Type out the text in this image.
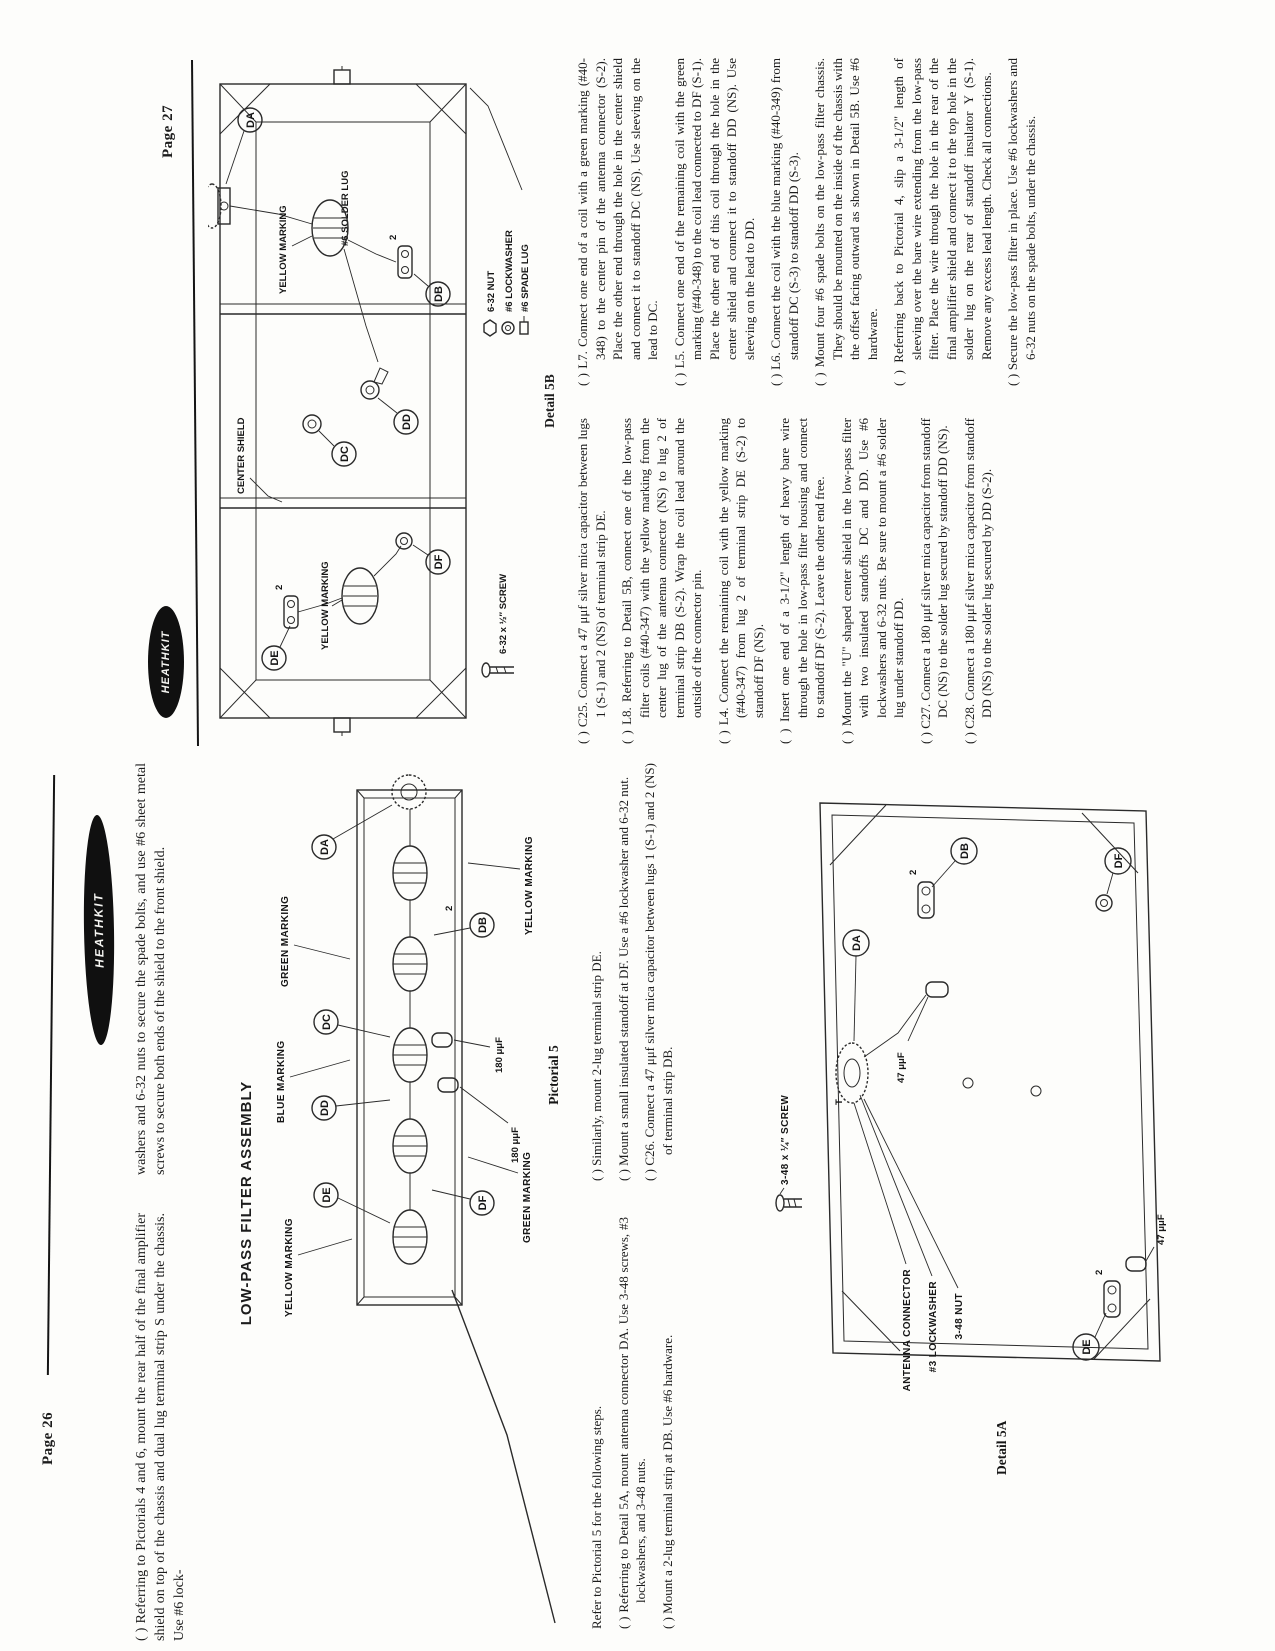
Page 26
HEATHKIT
( ) Referring to Pictorials 4 and 6, mount the rear half of the final amplifier shield on top of the chassis and dual lug terminal strip S under the chassis. Use #6 lock-
washers and 6-32 nuts to secure the spade bolts, and use #6 sheet metal screws to secure both ends of the shield to the front shield.
LOW-PASS FILTER ASSEMBLY	DE
DD
DC
DA
DF
DB
2
YELLOW MARKING
BLUE MARKING
GREEN MARKING
GREEN MARKING
YELLOW MARKING
180 μμF
180 μμF
Pictorial 5

Refer to Pictorial 5 for the following steps. ( ) Referring to Detail 5A, mount antenna connector DA. Use 3-48 screws, #3 lockwashers, and 3-48 nuts. ( ) Mount a 2-lug terminal strip at DB. Use #6 hardware.

( ) Similarly, mount 2-lug terminal strip DE. ( ) Mount a small insulated standoff at DF. Use a #6 lockwasher and 6-32 nut. ( ) C26. Connect a 47 μμf silver mica capacitor between lugs 1 (S-1) and 2 (NS) of terminal strip DB.

Detail 5A
T
3-48 NUT
#3 LOCKWASHER
ANTENNA CONNECTOR
3-48 x ¼″ SCREW
DA
2
DB
47 μμF
2
DE
47 μμF
DF
HEATHKIT
Page 27
DE
2
DF
YELLOW MARKING
CENTER SHIELD	DC
DD
#6 SOLDER LUG
DA
YELLOW MARKING	2
DB
6-32 x ½″ SCREW
6-32 NUT #6 LOCKWASHER #6 SPADE LUG
Detail 5B

( ) C25. Connect a 47 μμf silver mica capacitor between lugs 1 (S-1) and 2 (NS) of terminal strip DE. ( ) L8. Referring to Detail 5B, connect one of the low-pass filter coils (#40-347) with the yellow marking from the center lug of the antenna connector (NS) to lug 2 of terminal strip DB (S-2). Wrap the coil lead around the outside of the connector pin. ( ) L4. Connect the remaining coil with the yellow marking (#40-347) from lug 2 of terminal strip DE (S-2) to standoff DF (NS). ( ) Insert one end of a 3-1/2" length of heavy bare wire through the hole in low-pass filter housing and connect to standoff DF (S-2). Leave the other end free. ( ) Mount the "U" shaped center shield in the low-pass filter with two insulated standoffs DC and DD. Use #6 lockwashers and 6-32 nuts. Be sure to mount a #6 solder lug under standoff DD. ( ) C27. Connect a 180 μμf silver mica capacitor from standoff DC (NS) to the solder lug secured by standoff DD (NS). ( ) C28. Connect a 180 μμf silver mica capacitor from standoff DD (NS) to the solder lug secured by DD (S-2).

( ) L7. Connect one end of a coil with a green marking (#40-348) to the center pin of the antenna connector (S-2). Place the other end through the hole in the center shield and connect it to standoff DC (NS). Use sleeving on the lead to DC. ( ) L5. Connect one end of the remaining coil with the green marking (#40-348) to the coil lead connected to DF (S-1). Place the other end of this coil through the hole in the center shield and connect it to standoff DD (NS). Use sleeving on the lead to DD. ( ) L6. Connect the coil with the blue marking (#40-349) from standoff DC (S-3) to standoff DD (S-3). ( ) Mount four #6 spade bolts on the low-pass filter chassis. They should be mounted on the inside of the chassis with the offset facing outward as shown in Detail 5B. Use #6 hardware. ( ) Referring back to Pictorial 4, slip a 3-1/2" length of sleeving over the bare wire extending from the low-pass filter. Place the wire through the hole in the rear of the final amplifier shield and connect it to the top hole in the solder lug on the rear of standoff insulator Y (S-1). Remove any excess lead length. Check all connections. ( ) Secure the low-pass filter in place. Use #6 lockwashers and 6-32 nuts on the spade bolts, under the chassis.
